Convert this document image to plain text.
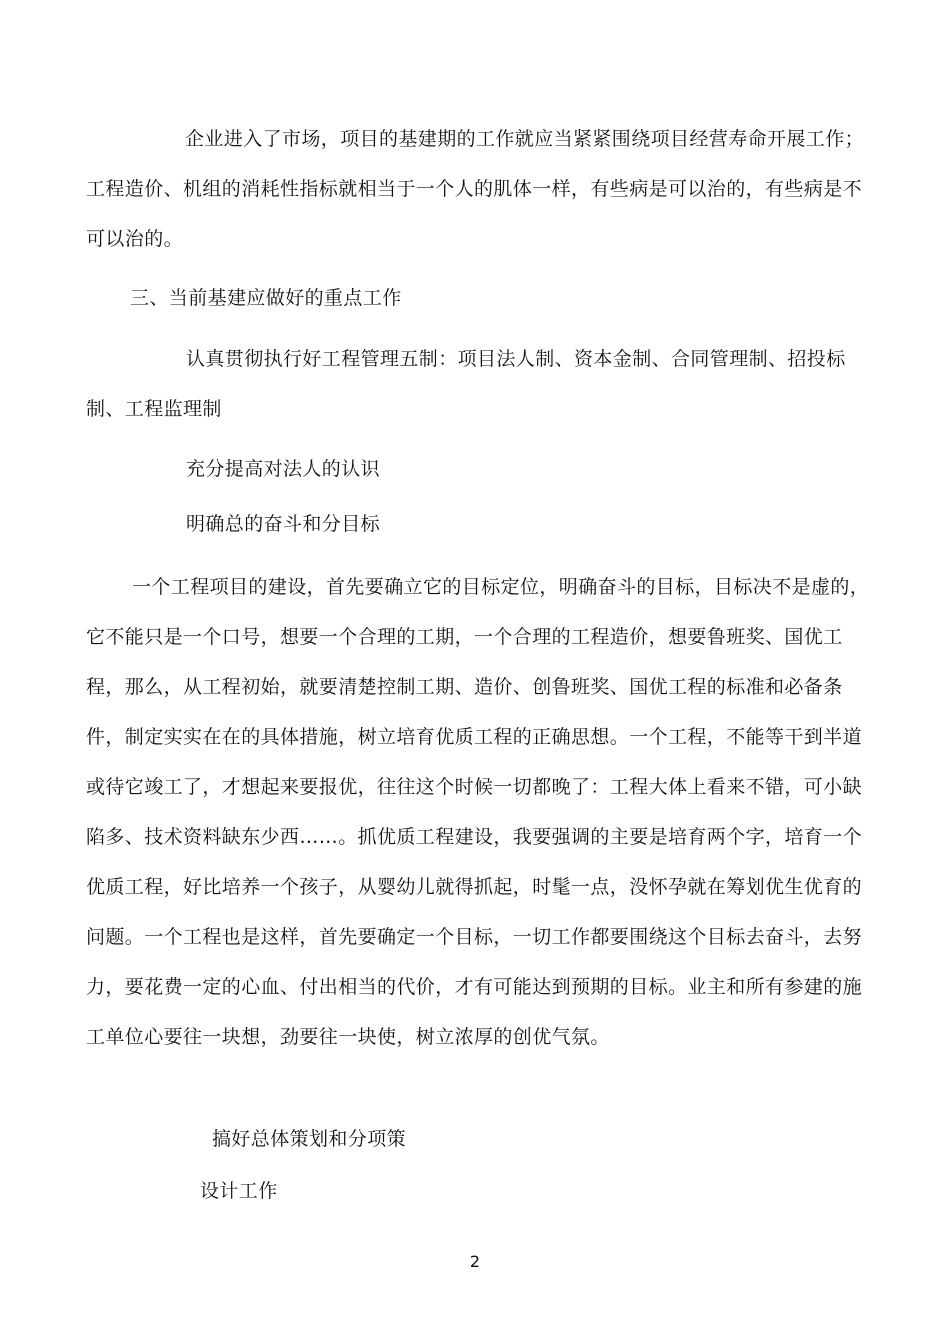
企业进入了市场，项目的基建期的工作就应当紧紧围绕项目经营寿命开展工作；工程造价、机组的消耗性指标就相当于一个人的肌体一样，有些病是可以治的，有些病是不可以治的。
三、当前基建应做好的重点工作
认真贯彻执行好工程管理五制：项目法人制、资本金制、合同管理制、招投标制、工程监理制
充分提高对法人的认识
明确总的奋斗和分目标
一个工程项目的建设，首先要确立它的目标定位，明确奋斗的目标，目标决不是虚的，它不能只是一个口号，想要一个合理的工期，一个合理的工程造价，想要鲁班奖、国优工程，那么，从工程初始，就要清楚控制工期、造价、创鲁班奖、国优工程的标准和必备条件，制定实实在在的具体措施，树立培育优质工程的正确思想。一个工程，不能等干到半道或待它竣工了，才想起来要报优，往往这个时候一切都晚了：工程大体上看来不错，可小缺陷多、技术资料缺东少西……。抓优质工程建设，我要强调的主要是培育两个字，培育一个优质工程，好比培养一个孩子，从婴幼儿就得抓起，时髦一点，没怀孕就在筹划优生优育的问题。一个工程也是这样，首先要确定一个目标，一切工作都要围绕这个目标去奋斗，去努力，要花费一定的心血、付出相当的代价，才有可能达到预期的目标。业主和所有参建的施工单位心要往一块想，劲要往一块使，树立浓厚的创优气氛。
搞好总体策划和分项策
设计工作
2
